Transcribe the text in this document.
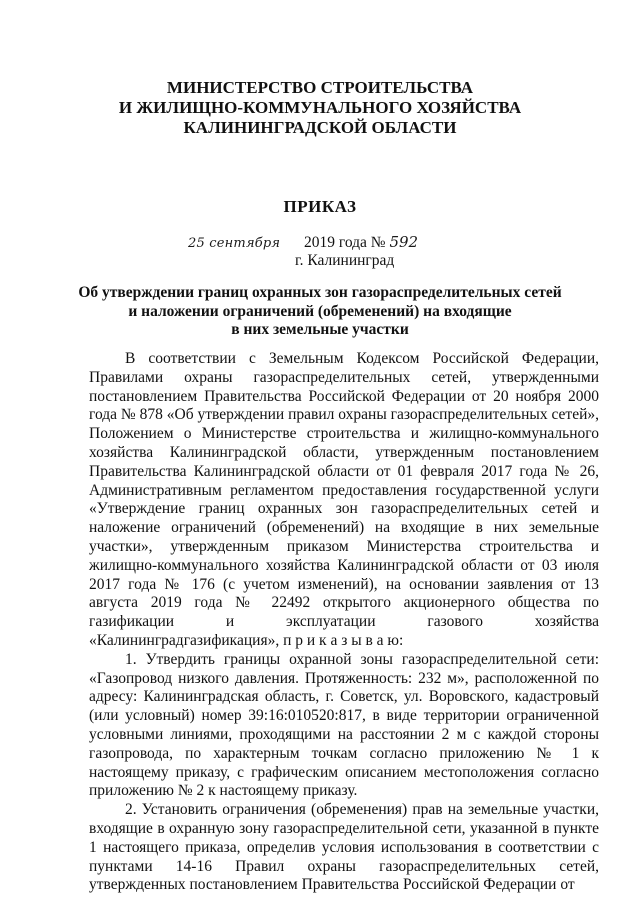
МИНИСТЕРСТВО СТРОИТЕЛЬСТВА
И ЖИЛИЩНО-КОММУНАЛЬНОГО ХОЗЯЙСТВА
КАЛИНИНГРАДСКОЙ ОБЛАСТИ
ПРИКАЗ
25 сентября 2019 года № 592
г. Калининград
Об утверждении границ охранных зон газораспределительных сетей
и наложении ограничений (обременений) на входящие
в них земельные участки

В соответствии с Земельным Кодексом Российской Федерации, Правилами охраны газораспределительных сетей, утвержденными постановлением Правительства Российской Федерации от 20 ноября 2000 года № 878 «Об утверждении правил охраны газораспределительных сетей», Положением о Министерстве строительства и жилищно-коммунального хозяйства Калининградской области, утвержденным постановлением Правительства Калининградской области от 01 февраля 2017 года № 26, Административным регламентом предоставления государственной услуги «Утверждение границ охранных зон газораспределительных сетей и наложение ограничений (обременений) на входящие в них земельные участки», утвержденным приказом Министерства строительства и жилищно-коммунального хозяйства Калининградской области от 03 июля 2017 года № 176 (с учетом изменений), на основании заявления от 13 августа 2019 года № 22492 открытого акционерного общества по газификации и эксплуатации газового хозяйства «Калининградгазификация», п р и к а з ы в а ю:

1. Утвердить границы охранной зоны газораспределительной сети: «Газопровод низкого давления. Протяженность: 232 м», расположенной по адресу: Калининградская область, г. Советск, ул. Воровского, кадастровый (или условный) номер 39:16:010520:817, в виде территории ограниченной условными линиями, проходящими на расстоянии 2 м с каждой стороны газопровода, по характерным точкам согласно приложению № 1 к настоящему приказу, с графическим описанием местоположения согласно приложению № 2 к настоящему приказу.

2. Установить ограничения (обременения) прав на земельные участки, входящие в охранную зону газораспределительной сети, указанной в пункте 1 настоящего приказа, определив условия использования в соответствии с пунктами 14-16 Правил охраны газораспределительных сетей, утвержденных постановлением Правительства Российской Федерации от
